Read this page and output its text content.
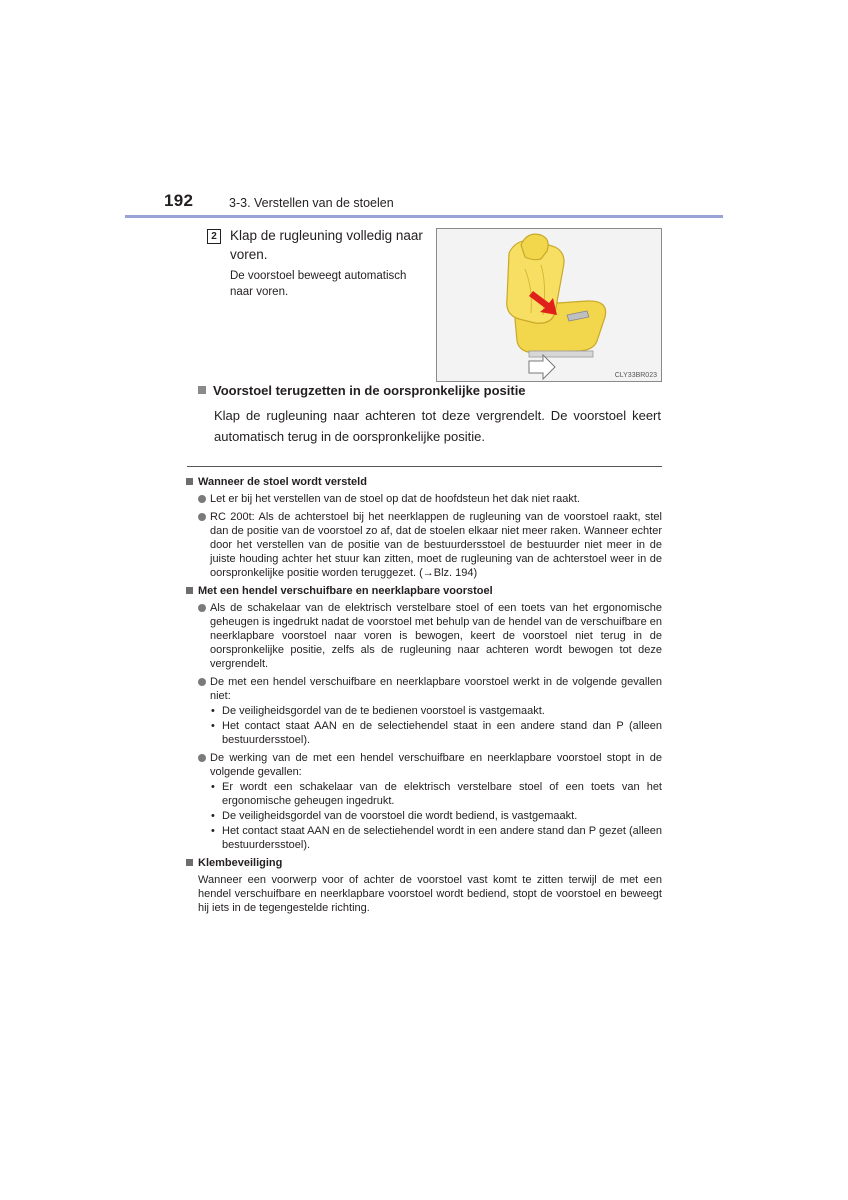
192	3-3. Verstellen van de stoelen
2 Klap de rugleuning volledig naar voren.
De voorstoel beweegt automatisch naar voren.
CLY33BR023
Voorstoel terugzetten in de oorspronkelijke positie
Klap de rugleuning naar achteren tot deze vergrendelt. De voorstoel keert automatisch terug in de oorspronkelijke positie.
Wanneer de stoel wordt versteld
Let er bij het verstellen van de stoel op dat de hoofdsteun het dak niet raakt.
RC 200t: Als de achterstoel bij het neerklappen de rugleuning van de voorstoel raakt, stel dan de positie van de voorstoel zo af, dat de stoelen elkaar niet meer raken. Wanneer echter door het verstellen van de positie van de bestuurdersstoel de bestuurder niet meer in de juiste houding achter het stuur kan zitten, moet de rugleuning van de achterstoel weer in de oorspronkelijke positie worden teruggezet. (→Blz. 194)
Met een hendel verschuifbare en neerklapbare voorstoel
Als de schakelaar van de elektrisch verstelbare stoel of een toets van het ergonomische geheugen is ingedrukt nadat de voorstoel met behulp van de hendel van de verschuifbare en neerklapbare voorstoel naar voren is bewogen, keert de voorstoel niet terug in de oorspronkelijke positie, zelfs als de rugleuning naar achteren wordt bewogen tot deze vergrendelt.
De met een hendel verschuifbare en neerklapbare voorstoel werkt in de volgende gevallen niet:
• De veiligheidsgordel van de te bedienen voorstoel is vastgemaakt.
• Het contact staat AAN en de selectiehendel staat in een andere stand dan P (alleen bestuurdersstoel).
De werking van de met een hendel verschuifbare en neerklapbare voorstoel stopt in de volgende gevallen:
• Er wordt een schakelaar van de elektrisch verstelbare stoel of een toets van het ergonomische geheugen ingedrukt.
• De veiligheidsgordel van de voorstoel die wordt bediend, is vastgemaakt.
• Het contact staat AAN en de selectiehendel wordt in een andere stand dan P gezet (alleen bestuurdersstoel).
Klembeveiliging
Wanneer een voorwerp voor of achter de voorstoel vast komt te zitten terwijl de met een hendel verschuifbare en neerklapbare voorstoel wordt bediend, stopt de voorstoel en beweegt hij iets in de tegengestelde richting.
